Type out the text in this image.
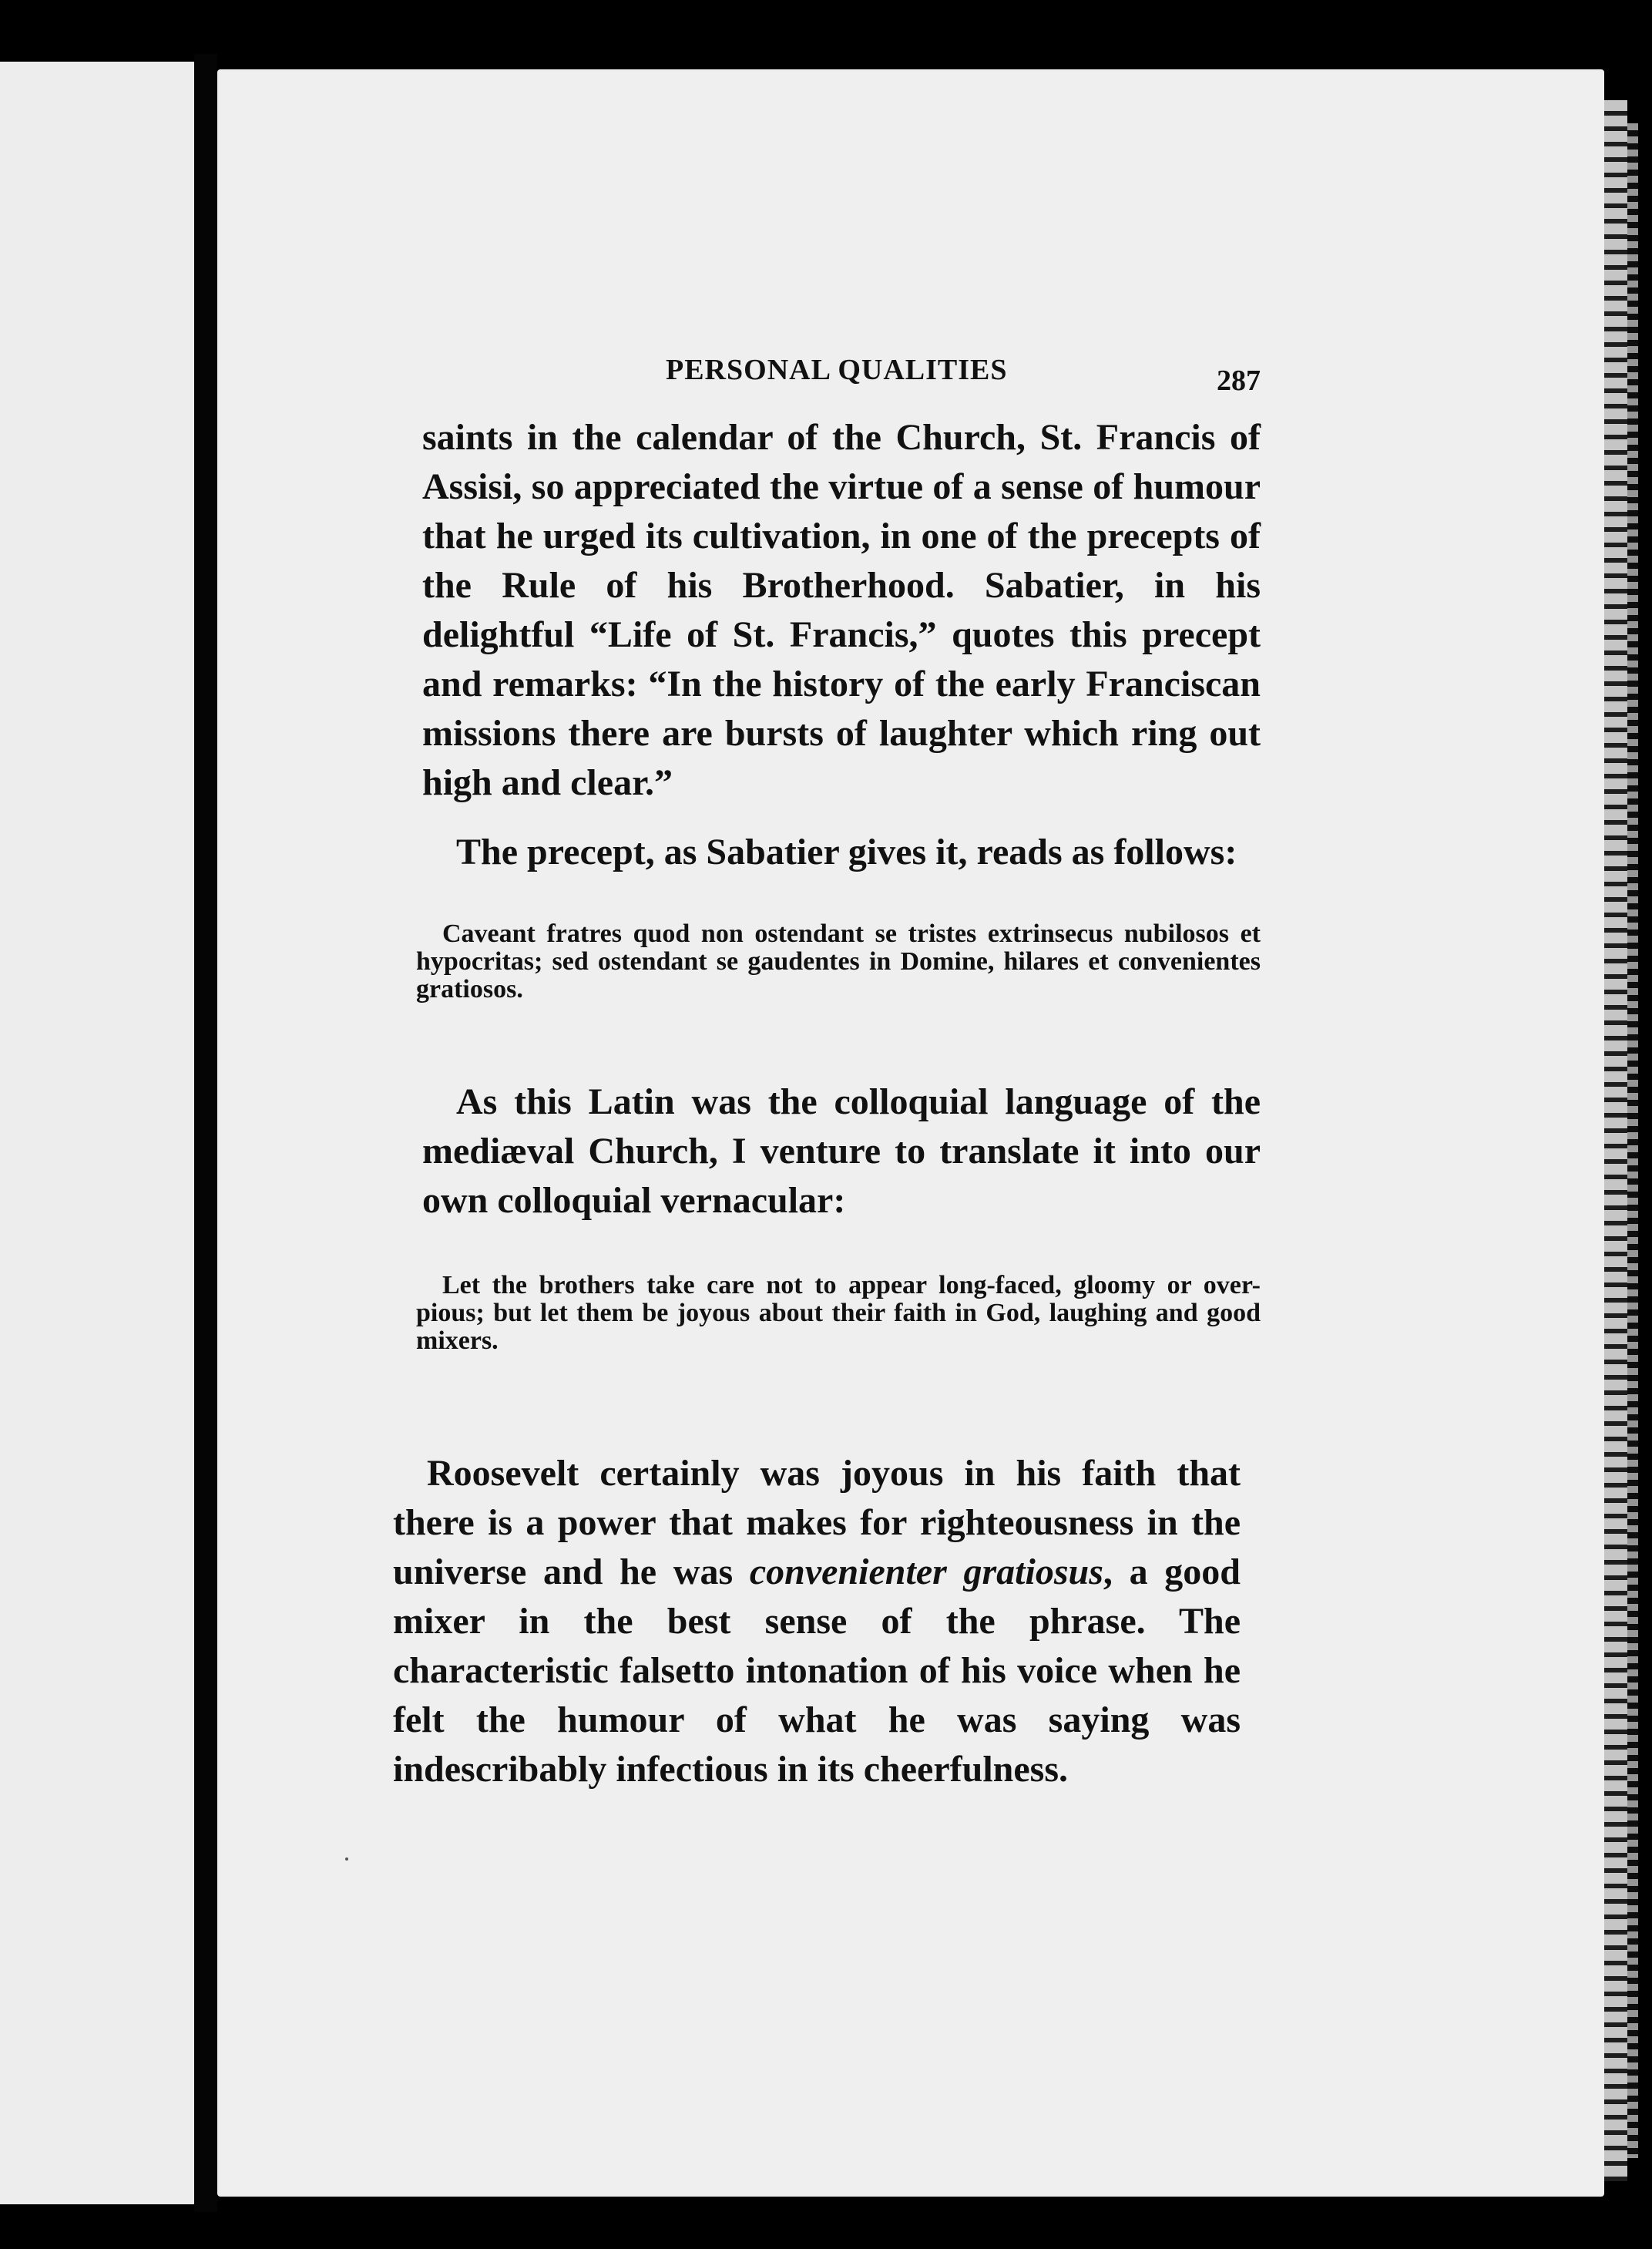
PERSONAL QUALITIES	287

saints in the calendar of the Church, St. Francis of Assisi, so appreciated the virtue of a sense of humour that he urged its cultivation, in one of the precepts of the Rule of his Brotherhood. Sabatier, in his delightful “Life of St. Francis,” quotes this precept and remarks: “In the history of the early Franciscan missions there are bursts of laughter which ring out high and clear.”

The precept, as Sabatier gives it, reads as follows:

Caveant fratres quod non ostendant se tristes extrinsecus nubilosos et hypocritas; sed ostendant se gaudentes in Domine, hilares et convenientes gratiosos.

As this Latin was the colloquial language of the mediæval Church, I venture to translate it into our own colloquial vernacular:

Let the brothers take care not to appear long-faced, gloomy or over-pious; but let them be joyous about their faith in God, laughing and good mixers.

Roosevelt certainly was joyous in his faith that there is a power that makes for righteousness in the universe and he was convenienter gratiosus, a good mixer in the best sense of the phrase. The characteristic falsetto intonation of his voice when he felt the humour of what he was saying was indescribably infectious in its cheerfulness.
